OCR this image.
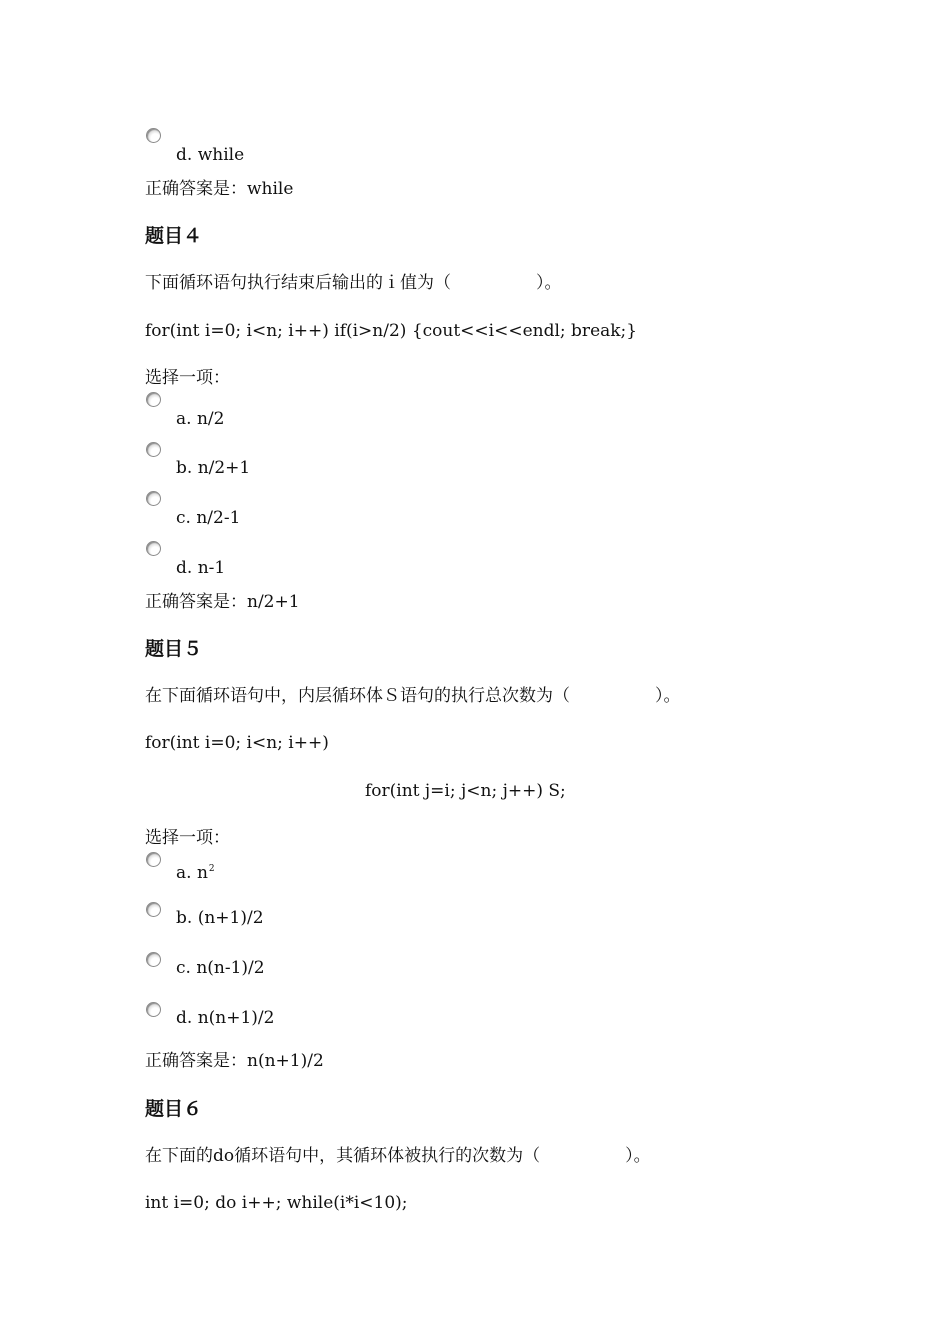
d. while
正确答案是：while
题目４
下面循环语句执行结束后输出的ｉ值为（　　　　　）。
for(int i=0; i<n; i++) if(i>n/2) {cout<<i<<endl; break;}
选择一项：
a. n/2
b. n/2+1
c. n/2-1
d. n-1
正确答案是：n/2+1
题目５
在下面循环语句中，内层循环体Ｓ语句的执行总次数为（　　　　　）。
for(int i=0; i<n; i++)
for(int j=i; j<n; j++) S;
选择一项：
a. $n^2$
b. (n+1)/2
c. n(n-1)/2
d. n(n+1)/2
正确答案是：n(n+1)/2
题目６
在下面的do循环语句中，其循环体被执行的次数为（　　　　　）。
int i=0; do i++; while(i*i<10);
